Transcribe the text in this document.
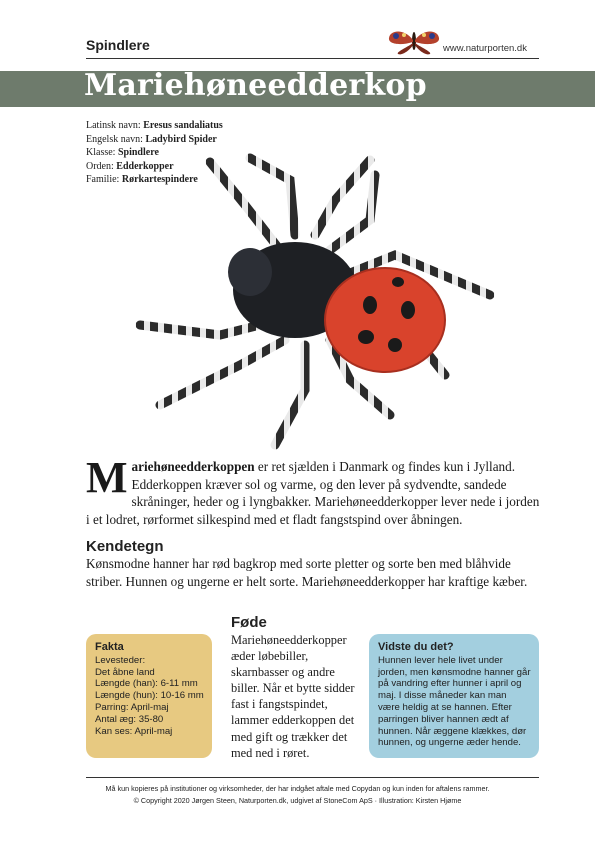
Spindlere	www.naturporten.dk
Mariehøneedderkop
Latinsk navn: Eresus sandaliatus
Engelsk navn: Ladybird Spider
Klasse: Spindlere
Orden: Edderkopper
Familie: Rørkartespindere
Mariehøneedderkoppen er ret sjælden i Danmark og findes kun i Jylland. Edderkoppen kræver sol og varme, og den lever på sydvendte, sandede skråninger, heder og i lyngbakker. Mariehøneedderkopper lever nede i jorden i et lodret, rørformet silkespind med et fladt fangstspind over åbningen.
Kendetegn
Kønsmodne hanner har rød bagkrop med sorte pletter og sorte ben med blåhvide striber. Hunnen og ungerne er helt sorte. Mariehøneedderkopper har kraftige kæber.
Fakta
Levesteder:
Det åbne land
Længde (han): 6-11 mm
Længde (hun): 10-16 mm
Parring: April-maj
Antal æg: 35-80
Kan ses: April-maj
Føde
Mariehøneedderkopper æder løbebiller, skarnbasser og andre biller. Når et bytte sidder fast i fangstspindet, lammer edderkoppen det med gift og trækker det med ned i røret.
Vidste du det?
Hunnen lever hele livet under jorden, men kønsmodne hanner går på vandring efter hunner i april og maj. I disse måneder kan man være heldig at se hannen. Efter parringen bliver hannen ædt af hunnen. Når æggene klækkes, dør hunnen, og ungerne æder hende.
Må kun kopieres på institutioner og virksomheder, der har indgået aftale med Copydan og kun inden for aftalens rammer.
© Copyright 2020 Jørgen Steen, Naturporten.dk, udgivet af StoneCom ApS · Illustration: Kirsten Hjøme
